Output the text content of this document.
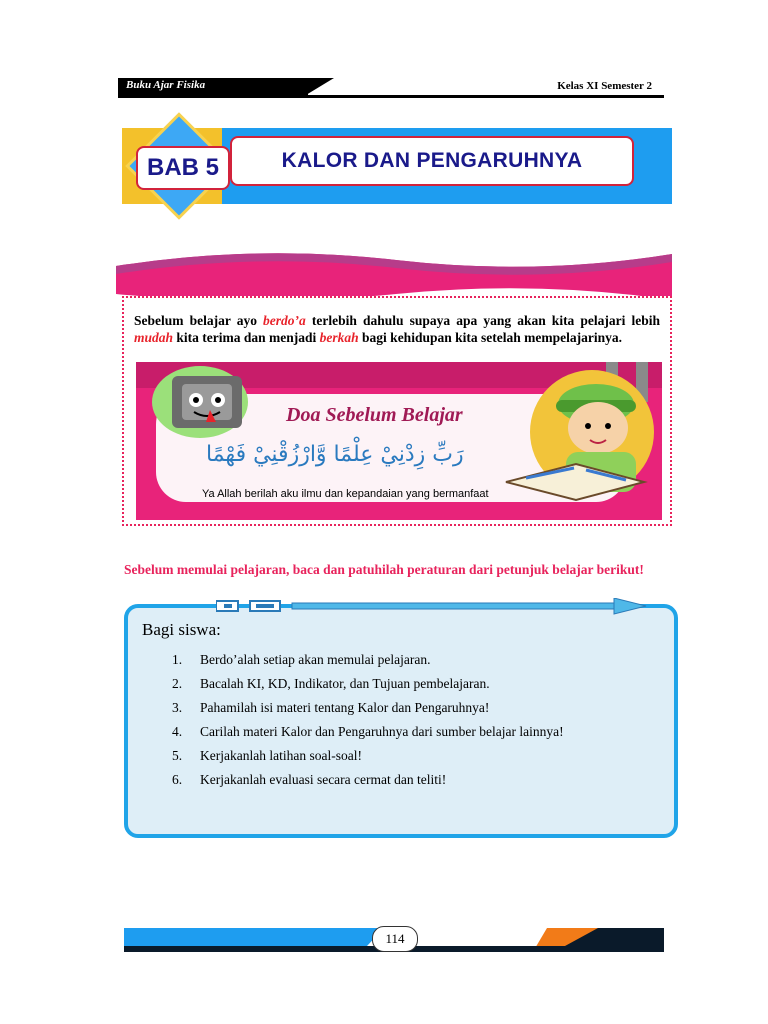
Buku Ajar Fisika	Kelas XI Semester 2
BAB 5	KALOR DAN PENGARUHNYA
Sebelum belajar ayo berdo’a terlebih dahulu supaya apa yang akan kita pelajari lebih mudah kita terima dan menjadi berkah bagi kehidupan kita setelah mempelajarinya.
Doa Sebelum Belajar
رَبِّ زِدْنِيْ عِلْمًا وَّارْزُقْنِيْ فَهْمًا
Ya Allah berilah aku ilmu dan kepandaian yang bermanfaat
Sebelum memulai pelajaran, baca dan patuhilah peraturan dari petunjuk belajar berikut!
Bagi siswa:
1. Berdo’alah setiap akan memulai pelajaran.
2. Bacalah KI, KD, Indikator, dan Tujuan pembelajaran.
3. Pahamilah isi materi tentang Kalor dan Pengaruhnya!
4. Carilah materi Kalor dan Pengaruhnya dari sumber belajar lainnya!
5. Kerjakanlah latihan soal-soal!
6. Kerjakanlah evaluasi secara cermat dan teliti!
114
